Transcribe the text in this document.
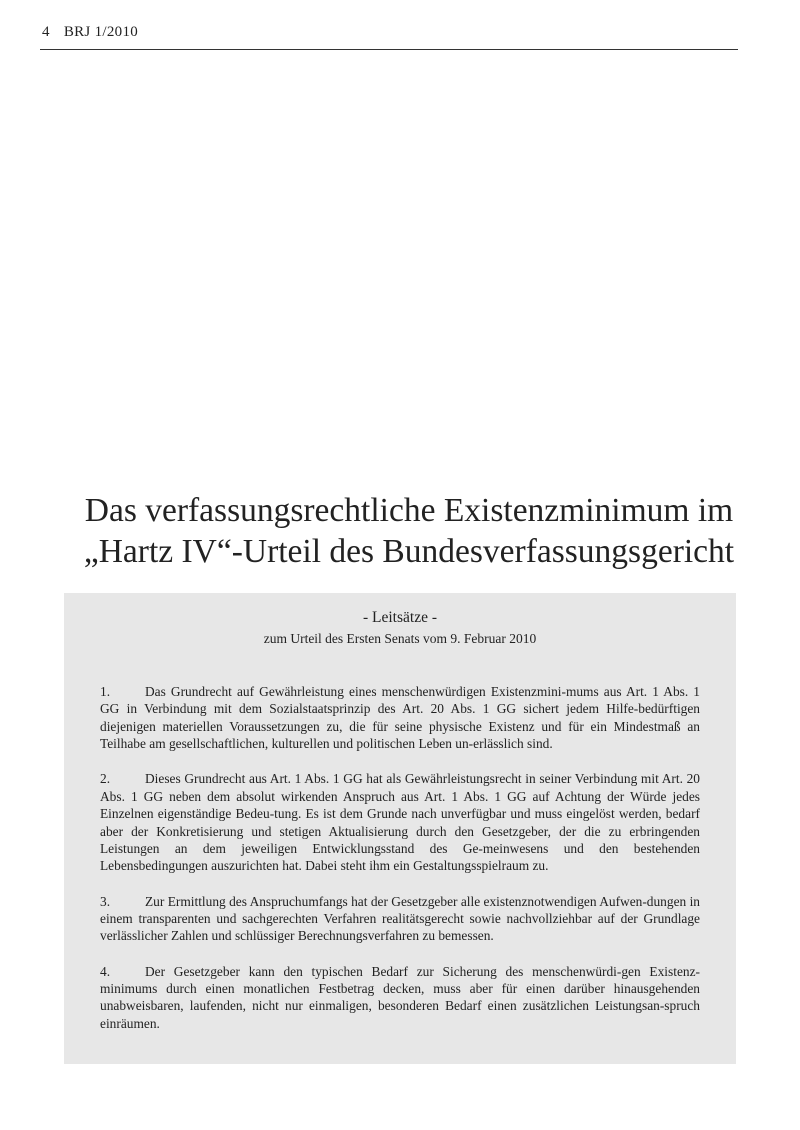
4 BRJ 1/2010
Das verfassungsrechtliche Existenzminimum im
„Hartz IV“-Urteil des Bundesverfassungsgericht
- Leitsätze -
zum Urteil des Ersten Senats vom 9. Februar 2010

1.	Das Grundrecht auf Gewährleistung eines menschenwürdigen Existenzmini-mums aus Art. 1 Abs. 1 GG in Verbindung mit dem Sozialstaatsprinzip des Art. 20 Abs. 1 GG sichert jedem Hilfe-bedürftigen diejenigen materiellen Voraussetzungen zu, die für seine physische Existenz und für ein Mindestmaß an Teilhabe am gesellschaftlichen, kulturellen und politischen Leben un-erlässlich sind.

2.	Dieses Grundrecht aus Art. 1 Abs. 1 GG hat als Gewährleistungsrecht in seiner Verbindung mit Art. 20 Abs. 1 GG neben dem absolut wirkenden Anspruch aus Art. 1 Abs. 1 GG auf Achtung der Würde jedes Einzelnen eigenständige Bedeu-tung. Es ist dem Grunde nach unverfügbar und muss eingelöst werden, bedarf aber der Konkretisierung und stetigen Aktualisierung durch den Gesetzgeber, der die zu erbringenden Leistungen an dem jeweiligen Entwicklungsstand des Ge-meinwesens und den bestehenden Lebensbedingungen auszurichten hat. Dabei steht ihm ein Gestaltungsspielraum zu.

3.	Zur Ermittlung des Anspruchumfangs hat der Gesetzgeber alle existenznotwendigen Aufwen-dungen in einem transparenten und sachgerechten Verfahren realitätsgerecht sowie nachvollziehbar auf der Grundlage verlässlicher Zahlen und schlüssiger Berechnungsverfahren zu bemessen.

4.	Der Gesetzgeber kann den typischen Bedarf zur Sicherung des menschenwürdi-gen Existenz-minimums durch einen monatlichen Festbetrag decken, muss aber für einen darüber hinausgehenden unabweisbaren, laufenden, nicht nur einmaligen, besonderen Bedarf einen zusätzlichen Leistungsan-spruch einräumen.
